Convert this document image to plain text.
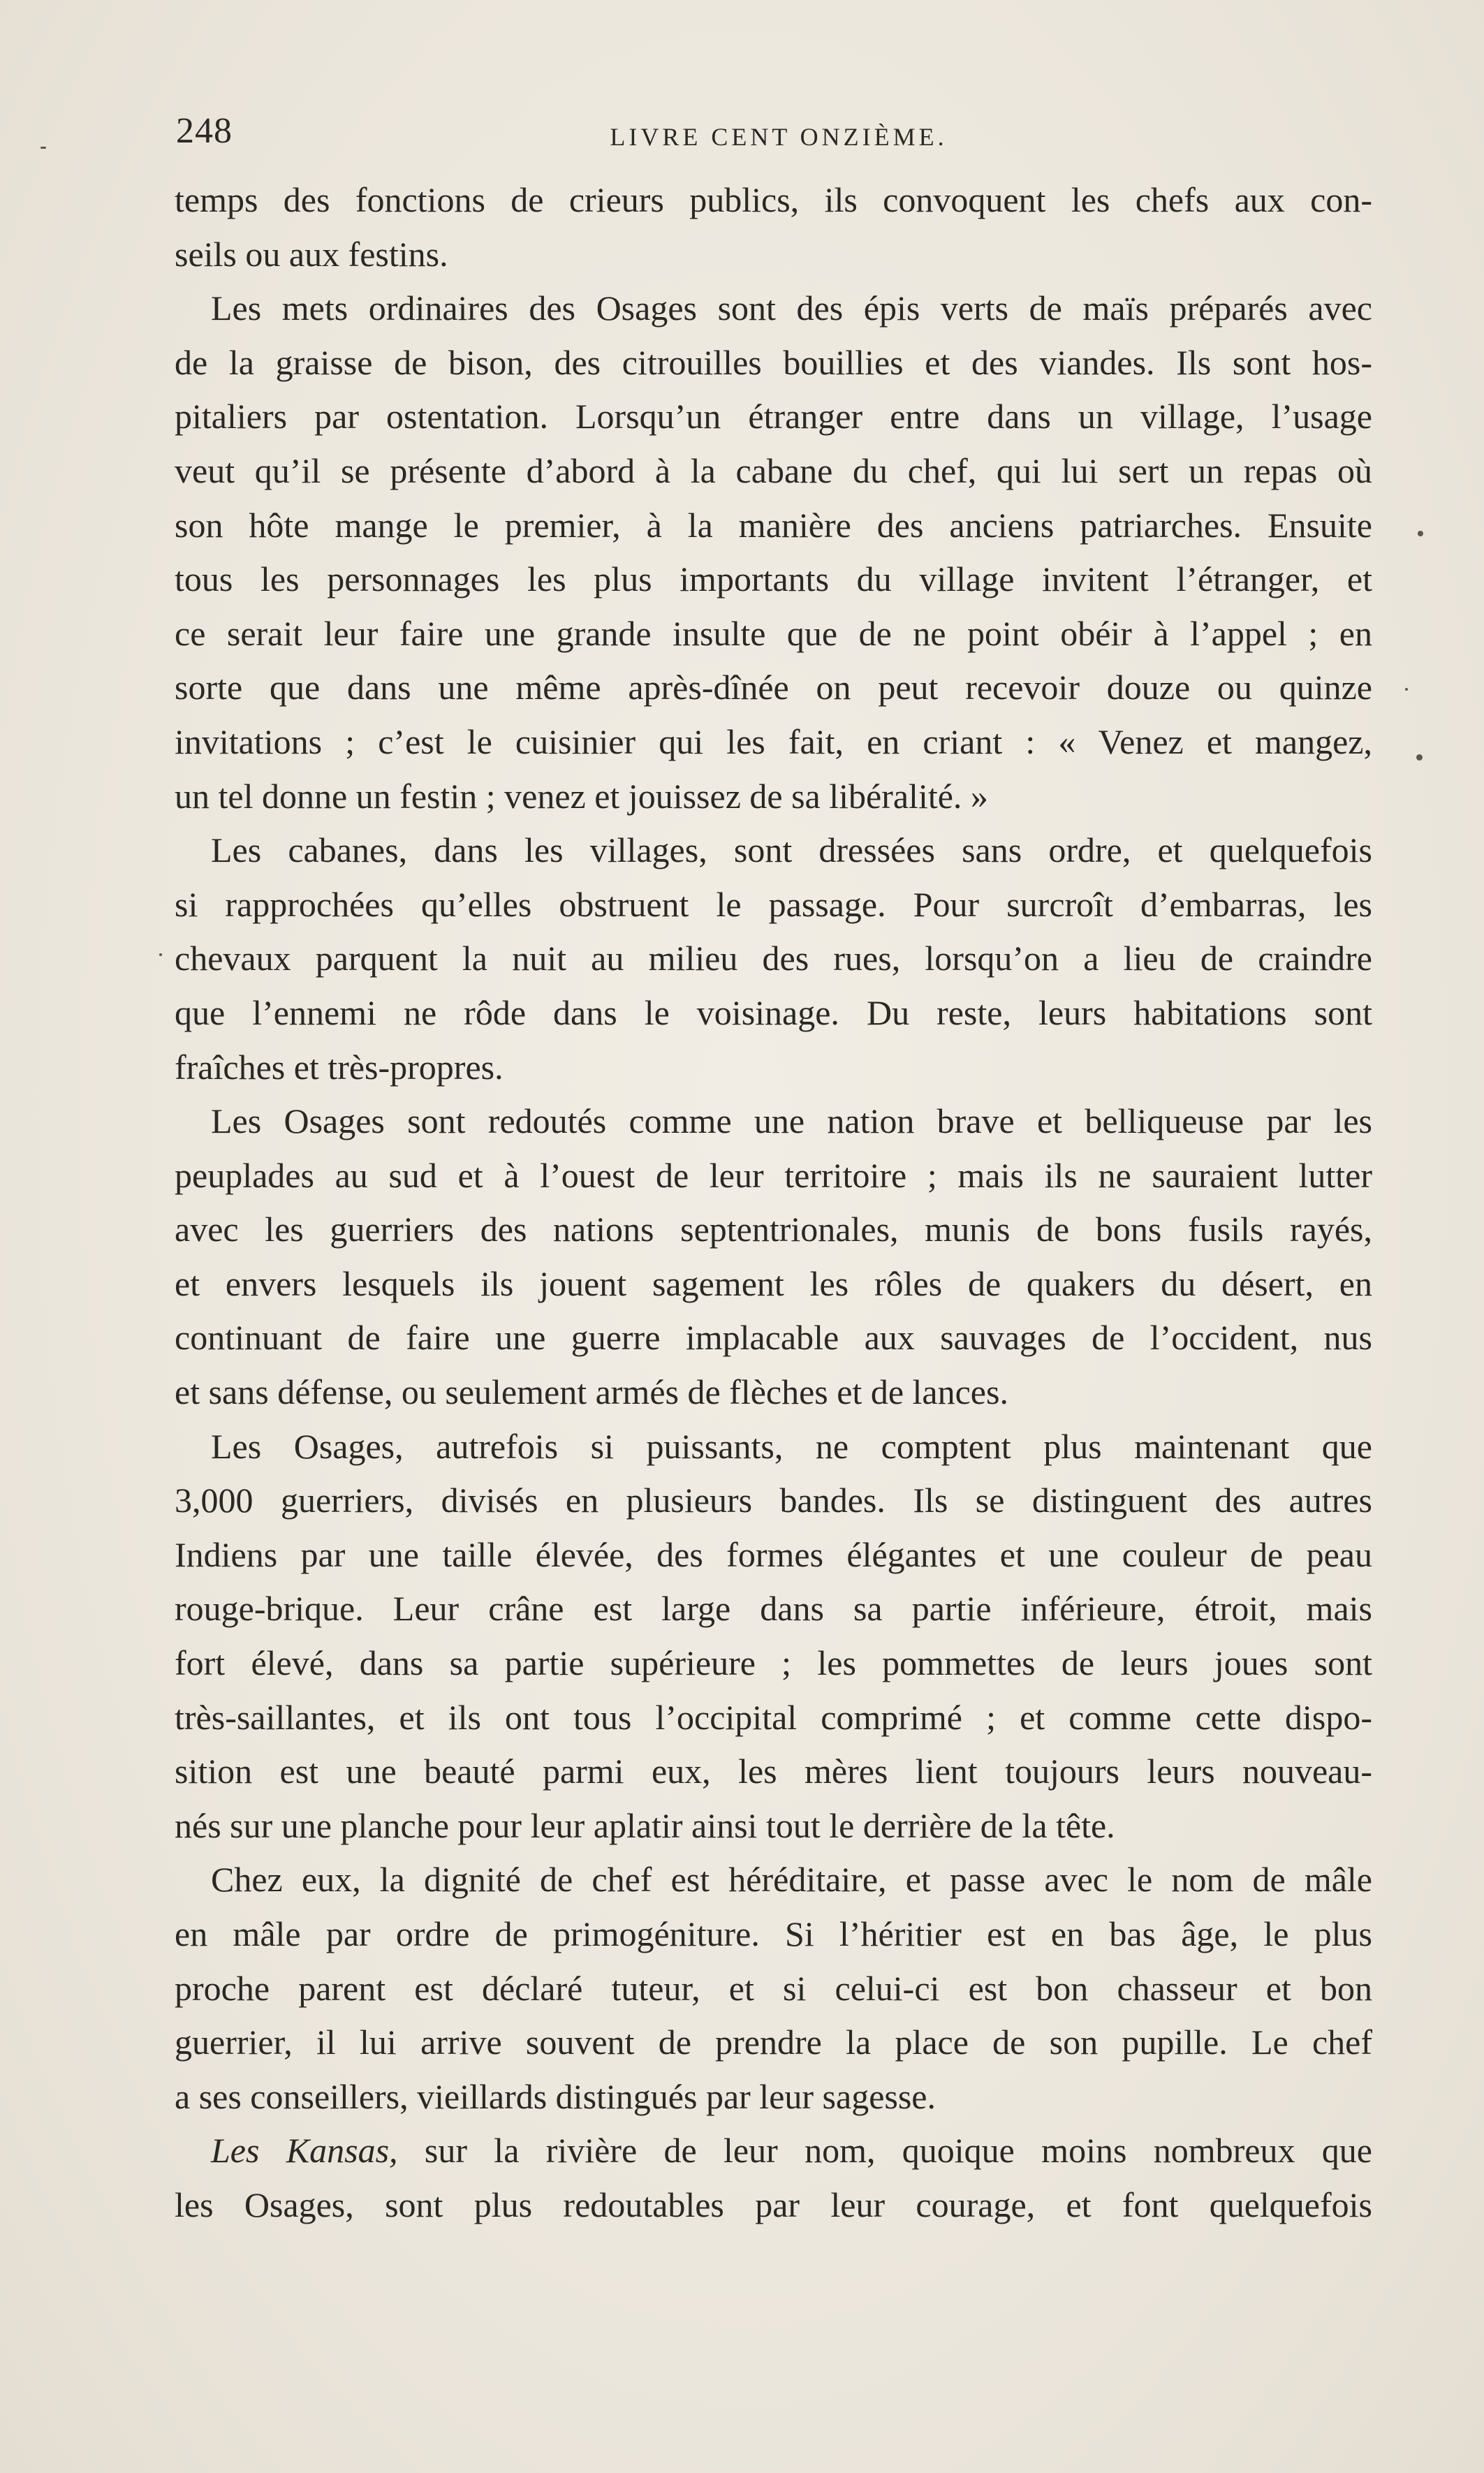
248	LIVRE CENT ONZIÈME.
temps des fonctions de crieurs publics, ils convoquent les chefs aux con-
seils ou aux festins.
Les mets ordinaires des Osages sont des épis verts de maïs préparés avec
de la graisse de bison, des citrouilles bouillies et des viandes. Ils sont hos-
pitaliers par ostentation. Lorsqu’un étranger entre dans un village, l’usage
veut qu’il se présente d’abord à la cabane du chef, qui lui sert un repas où
son hôte mange le premier, à la manière des anciens patriarches. Ensuite
tous les personnages les plus importants du village invitent l’étranger, et
ce serait leur faire une grande insulte que de ne point obéir à l’appel ; en
sorte que dans une même après-dînée on peut recevoir douze ou quinze
invitations ; c’est le cuisinier qui les fait, en criant : « Venez et mangez,
un tel donne un festin ; venez et jouissez de sa libéralité. »
Les cabanes, dans les villages, sont dressées sans ordre, et quelquefois
si rapprochées qu’elles obstruent le passage. Pour surcroît d’embarras, les
chevaux parquent la nuit au milieu des rues, lorsqu’on a lieu de craindre
que l’ennemi ne rôde dans le voisinage. Du reste, leurs habitations sont
fraîches et très-propres.
Les Osages sont redoutés comme une nation brave et belliqueuse par les
peuplades au sud et à l’ouest de leur territoire ; mais ils ne sauraient lutter
avec les guerriers des nations septentrionales, munis de bons fusils rayés,
et envers lesquels ils jouent sagement les rôles de quakers du désert, en
continuant de faire une guerre implacable aux sauvages de l’occident, nus
et sans défense, ou seulement armés de flèches et de lances.
Les Osages, autrefois si puissants, ne comptent plus maintenant que
3,000 guerriers, divisés en plusieurs bandes. Ils se distinguent des autres
Indiens par une taille élevée, des formes élégantes et une couleur de peau
rouge-brique. Leur crâne est large dans sa partie inférieure, étroit, mais
fort élevé, dans sa partie supérieure ; les pommettes de leurs joues sont
très-saillantes, et ils ont tous l’occipital comprimé ; et comme cette dispo-
sition est une beauté parmi eux, les mères lient toujours leurs nouveau-
nés sur une planche pour leur aplatir ainsi tout le derrière de la tête.
Chez eux, la dignité de chef est héréditaire, et passe avec le nom de mâle
en mâle par ordre de primogéniture. Si l’héritier est en bas âge, le plus
proche parent est déclaré tuteur, et si celui-ci est bon chasseur et bon
guerrier, il lui arrive souvent de prendre la place de son pupille. Le chef
a ses conseillers, vieillards distingués par leur sagesse.
Les Kansas, sur la rivière de leur nom, quoique moins nombreux que
les Osages, sont plus redoutables par leur courage, et font quelquefois
